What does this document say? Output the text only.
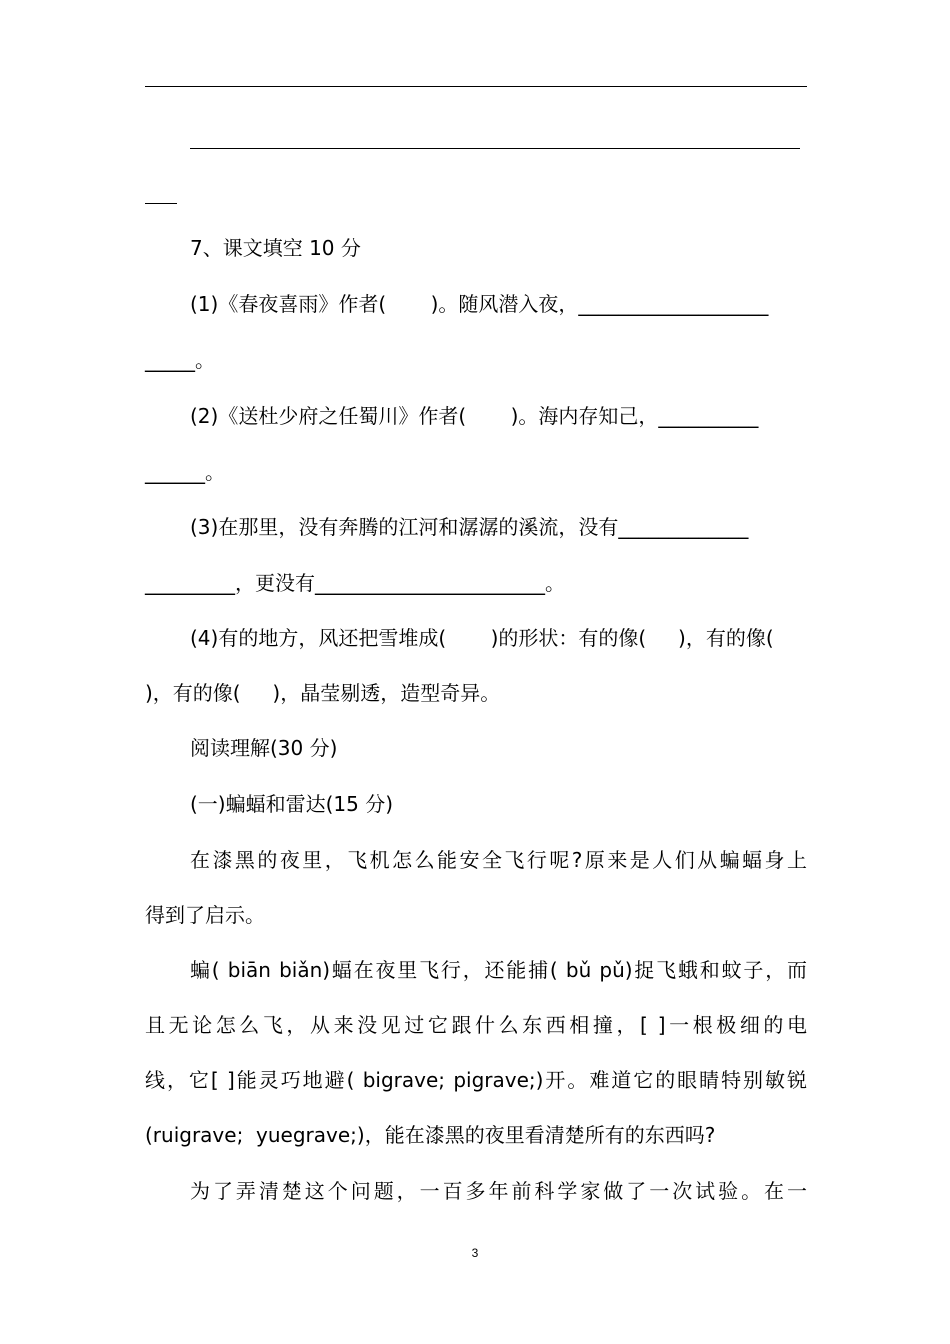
7、课文填空 10 分
(1)《春夜喜雨》作者(       )。随风潜入夜，___________________
_____。
(2)《送杜少府之任蜀川》作者(       )。海内存知己，__________
______。
(3)在那里，没有奔腾的江河和潺潺的溪流，没有_____________
_________，更没有_______________________。
(4)有的地方，风还把雪堆成(       )的形状：有的像(     )，有的像(
)，有的像(     )，晶莹剔透，造型奇异。
阅读理解(30 分)
(一)蝙蝠和雷达(15 分)
在漆黑的夜里，飞机怎么能安全飞行呢?原来是人们从蝙蝠身上
得到了启示。
蝙( biān biǎn)蝠在夜里飞行，还能捕( bǔ pǔ)捉飞蛾和蚊子，而
且无论怎么飞，从来没见过它跟什么东西相撞，[ ]一根极细的电
线，它[ ]能灵巧地避( bigrave; pigrave;)开。难道它的眼睛特别敏锐
(ruigrave;  yuegrave;)，能在漆黑的夜里看清楚所有的东西吗?
为了弄清楚这个问题，一百多年前科学家做了一次试验。在一
3
